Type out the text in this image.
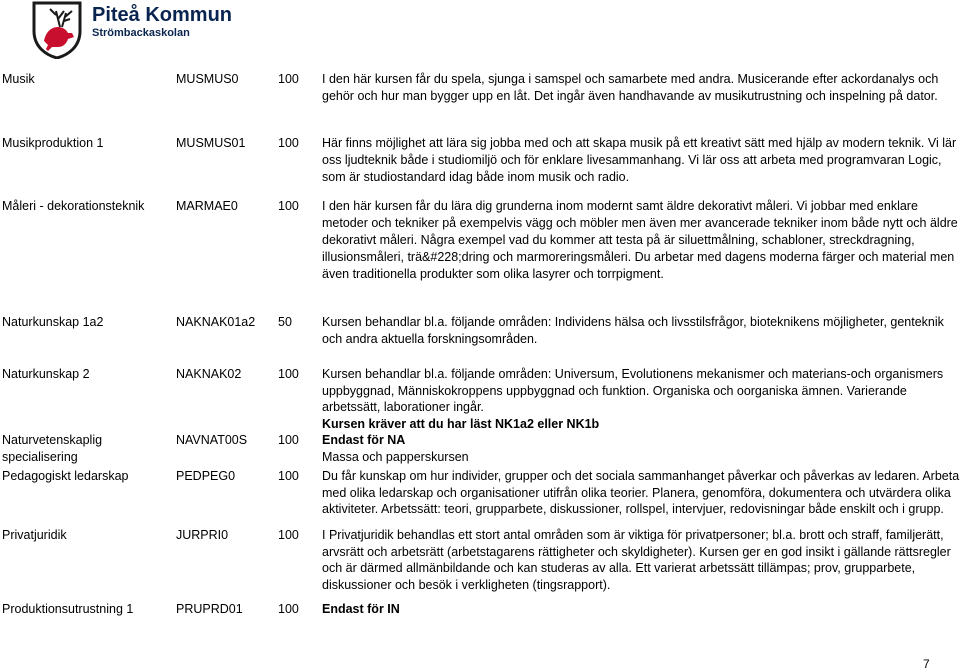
Piteå Kommun
Strömbackaskolan
Musik	MUSMUS0	100	I den här kursen får du spela, sjunga i samspel och samarbete med andra. Musicerande efter ackordanalys och gehör och hur man bygger upp en låt. Det ingår även handhavande av musikutrustning och inspelning på dator.

Musikproduktion 1	MUSMUS01	100	Här finns möjlighet att lära sig jobba med och att skapa musik på ett kreativt sätt med hjälp av modern teknik. Vi lär oss ljudteknik både i studiomiljö och för enklare livesammanhang. Vi lär oss att arbeta med programvaran Logic, som är studiostandard idag både inom musik och radio.

Måleri - dekorationsteknik	MARMAE0	100	I den här kursen får du lära dig grunderna inom modernt samt äldre dekorativt måleri. Vi jobbar med enklare metoder och tekniker på exempelvis vägg och möbler men även mer avancerade tekniker inom både nytt och äldre dekorativt måleri. Några exempel vad du kommer att testa på är siluettmålning, schabloner, streckdragning, illusionsmåleri, trä&#228;dring och marmoreringsmåleri. Du arbetar med dagens moderna färger och material men även traditionella produkter som olika lasyrer och torrpigment.

Naturkunskap 1a2	NAKNAK01a2	50	Kursen behandlar bl.a. följande områden: Individens hälsa och livsstilsfrågor, bioteknikens möjligheter, genteknik och andra aktuella forskningsområden.

Naturkunskap 2	NAKNAK02	100	Kursen behandlar bl.a. följande områden: Universum, Evolutionens mekanismer och materians-och organismers uppbyggnad, Människokroppens uppbyggnad och funktion. Organiska och oorganiska ämnen. Varierande arbetssätt, laborationer ingår.

Kursen kräver att du har läst NK1a2 eller NK1b

Naturvetenskaplig specialisering	NAVNAT00S	100	Endast för NA

Massa och papperskursen

Pedagogiskt ledarskap	PEDPEG0	100	Du får kunskap om hur individer, grupper och det sociala sammanhanget påverkar och påverkas av ledaren. Arbeta med olika ledarskap och organisationer utifrån olika teorier. Planera, genomföra, dokumentera och utvärdera olika aktiviteter. Arbetssätt: teori, grupparbete, diskussioner, rollspel, intervjuer, redovisningar både enskilt och i grupp.

Privatjuridik	JURPRI0	100	I Privatjuridik behandlas ett stort antal områden som är viktiga för privatpersoner; bl.a. brott och straff, familjerätt, arvsrätt och arbetsrätt (arbetstagarens rättigheter och skyldigheter). Kursen ger en god insikt i gällande rättsregler och är därmed allmänbildande och kan studeras av alla. Ett varierat arbetssätt tillämpas; prov, grupparbete, diskussioner och besök i verkligheten (tingsrapport).

Produktionsutrustning 1	PRUPRD01	100	Endast för IN

7
